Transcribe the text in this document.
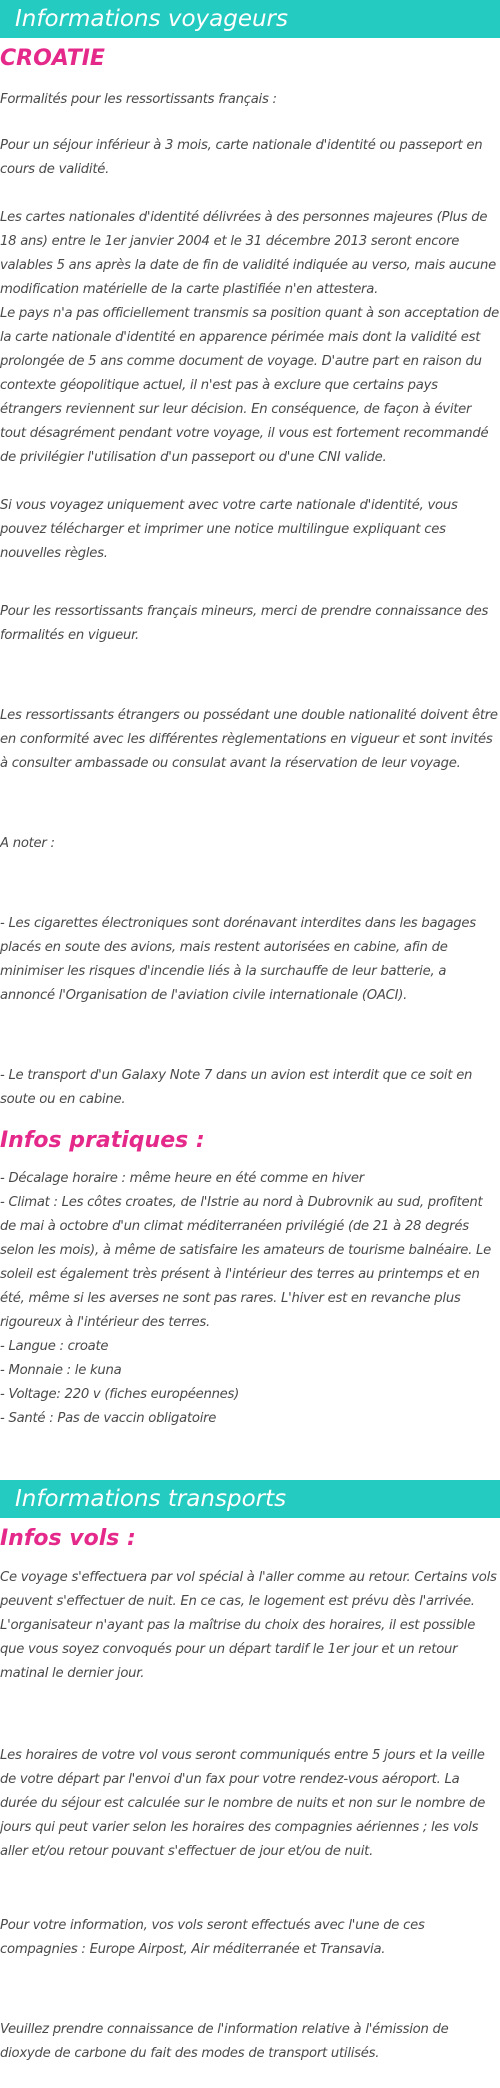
Informations voyageurs
CROATIE

Formalités pour les ressortissants français :

Pour un séjour inférieur à 3 mois, carte nationale d'identité ou passeport en cours de validité.

Les cartes nationales d'identité délivrées à des personnes majeures (Plus de 18 ans) entre le 1er janvier 2004 et le 31 décembre 2013 seront encore valables 5 ans après la date de fin de validité indiquée au verso, mais aucune modification matérielle de la carte plastifiée n'en attestera.

Le pays n'a pas officiellement transmis sa position quant à son acceptation de la carte nationale d'identité en apparence périmée mais dont la validité est prolongée de 5 ans comme document de voyage. D'autre part en raison du contexte géopolitique actuel, il n'est pas à exclure que certains pays étrangers reviennent sur leur décision. En conséquence, de façon à éviter tout désagrément pendant votre voyage, il vous est fortement recommandé de privilégier l'utilisation d'un passeport ou d'une CNI valide.

Si vous voyagez uniquement avec votre carte nationale d'identité, vous pouvez télécharger et imprimer une notice multilingue expliquant ces nouvelles règles.

Pour les ressortissants français mineurs, merci de prendre connaissance des formalités en vigueur.

Les ressortissants étrangers ou possédant une double nationalité doivent être en conformité avec les différentes règlementations en vigueur et sont invités à consulter ambassade ou consulat avant la réservation de leur voyage.

A noter :

- Les cigarettes électroniques sont dorénavant interdites dans les bagages placés en soute des avions, mais restent autorisées en cabine, afin de minimiser les risques d'incendie liés à la surchauffe de leur batterie, a annoncé l'Organisation de l'aviation civile internationale (OACI).

- Le transport d'un Galaxy Note 7 dans un avion est interdit que ce soit en soute ou en cabine.

Infos pratiques :
- Décalage horaire : même heure en été comme en hiver
- Climat : Les côtes croates, de l'Istrie au nord à Dubrovnik au sud, profitent de mai à octobre d'un climat méditerranéen privilégié (de 21 à 28 degrés selon les mois), à même de satisfaire les amateurs de tourisme balnéaire. Le soleil est également très présent à l'intérieur des terres au printemps et en été, même si les averses ne sont pas rares. L'hiver est en revanche plus rigoureux à l'intérieur des terres.
- Langue : croate
- Monnaie : le kuna
- Voltage: 220 v (fiches européennes)
- Santé : Pas de vaccin obligatoire
Informations transports
Infos vols :

Ce voyage s'effectuera par vol spécial à l'aller comme au retour. Certains vols peuvent s'effectuer de nuit. En ce cas, le logement est prévu dès l'arrivée. L'organisateur n'ayant pas la maîtrise du choix des horaires, il est possible que vous soyez convoqués pour un départ tardif le 1er jour et un retour matinal le dernier jour.

Les horaires de votre vol vous seront communiqués entre 5 jours et la veille de votre départ par l'envoi d'un fax pour votre rendez-vous aéroport. La durée du séjour est calculée sur le nombre de nuits et non sur le nombre de jours qui peut varier selon les horaires des compagnies aériennes ; les vols aller et/ou retour pouvant s'effectuer de jour et/ou de nuit.

Pour votre information, vos vols seront effectués avec l'une de ces compagnies : Europe Airpost, Air méditerranée et Transavia.

Veuillez prendre connaissance de l'information relative à l'émission de dioxyde de carbone du fait des modes de transport utilisés.
